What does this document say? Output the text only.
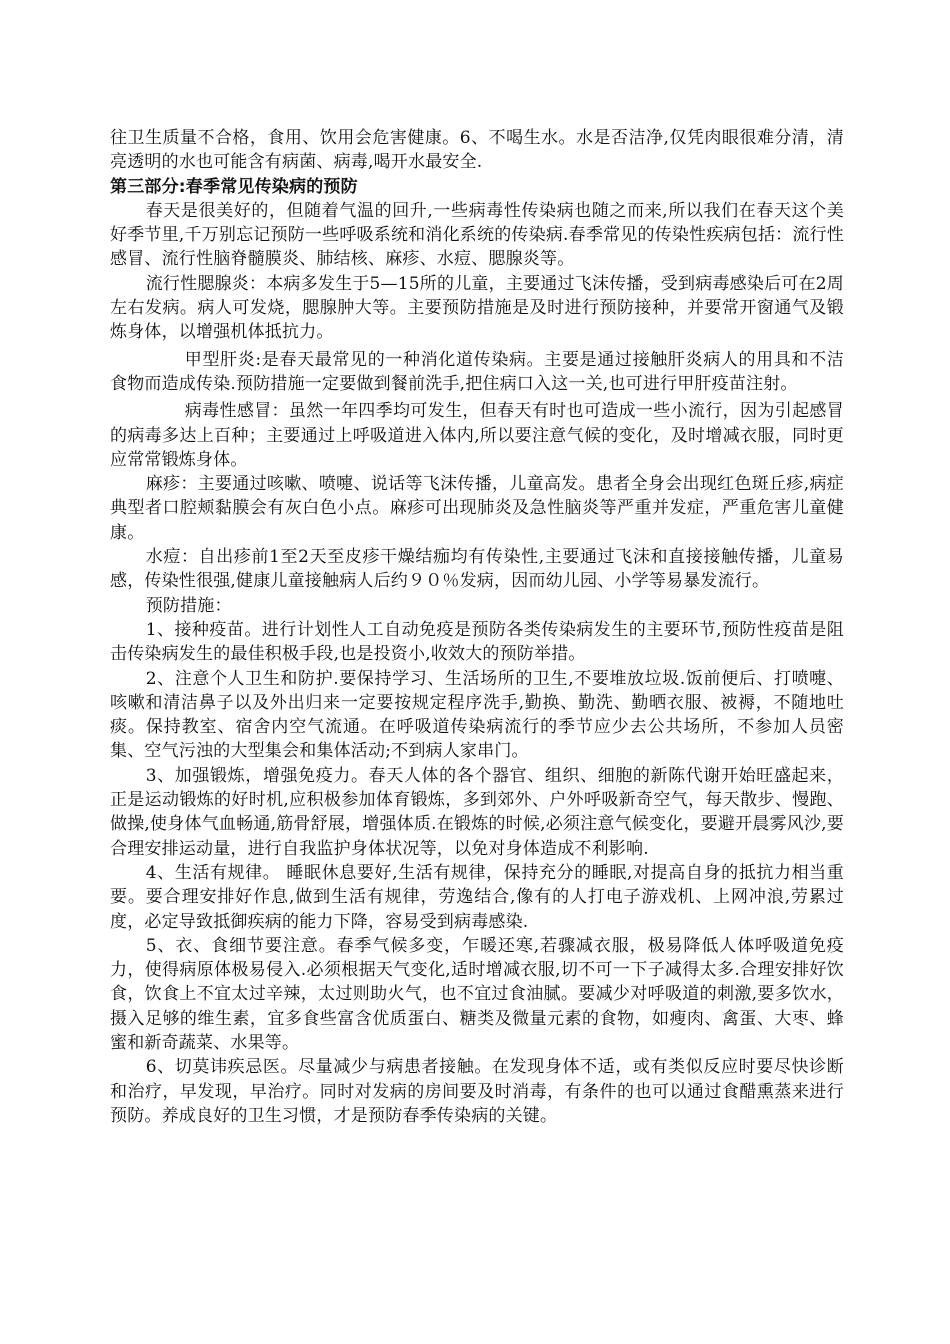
往卫生质量不合格，食用、饮用会危害健康。6、不喝生水。水是否洁净,仅凭肉眼很难分清，清亮透明的水也可能含有病菌、病毒,喝开水最安全.

第三部分:春季常见传染病的预防

春天是很美好的，但随着气温的回升,一些病毒性传染病也随之而来,所以我们在春天这个美好季节里,千万别忘记预防一些呼吸系统和消化系统的传染病.春季常见的传染性疾病包括：流行性感冒、流行性脑脊髓膜炎、肺结核、麻疹、水痘、腮腺炎等。

流行性腮腺炎：本病多发生于5—15所的儿童，主要通过飞沫传播，受到病毒感染后可在2周左右发病。病人可发烧，腮腺肿大等。主要预防措施是及时进行预防接种，并要常开窗通气及锻炼身体，以增强机体抵抗力。

甲型肝炎:是春天最常见的一种消化道传染病。主要是通过接触肝炎病人的用具和不洁食物而造成传染.预防措施一定要做到餐前洗手,把住病口入这一关,也可进行甲肝疫苗注射。

病毒性感冒：虽然一年四季均可发生，但春天有时也可造成一些小流行，因为引起感冒的病毒多达上百种；主要通过上呼吸道进入体内,所以要注意气候的变化，及时增减衣服，同时更应常常锻炼身体。

麻疹：主要通过咳嗽、喷嚏、说话等飞沫传播，儿童高发。患者全身会出现红色斑丘疹,病症典型者口腔颊黏膜会有灰白色小点。麻疹可出现肺炎及急性脑炎等严重并发症，严重危害儿童健康。

水痘：自出疹前1至2天至皮疹干燥结痂均有传染性,主要通过飞沫和直接接触传播，儿童易感，传染性很强,健康儿童接触病人后约９０％发病，因而幼儿园、小学等易暴发流行。

预防措施：

1、接种疫苗。进行计划性人工自动免疫是预防各类传染病发生的主要环节,预防性疫苗是阻击传染病发生的最佳积极手段,也是投资小,收效大的预防举措。

2、注意个人卫生和防护.要保持学习、生活场所的卫生,不要堆放垃圾.饭前便后、打喷嚏、咳嗽和清洁鼻子以及外出归来一定要按规定程序洗手,勤换、勤洗、勤晒衣服、被褥，不随地吐痰。保持教室、宿舍内空气流通。在呼吸道传染病流行的季节应少去公共场所，不参加人员密集、空气污浊的大型集会和集体活动;不到病人家串门。

3、加强锻炼，增强免疫力。春天人体的各个器官、组织、细胞的新陈代谢开始旺盛起来，正是运动锻炼的好时机,应积极参加体育锻炼，多到郊外、户外呼吸新奇空气，每天散步、慢跑、做操,使身体气血畅通,筋骨舒展，增强体质.在锻炼的时候,必须注意气候变化，要避开晨雾风沙,要合理安排运动量，进行自我监护身体状况等，以免对身体造成不利影响.

4、生活有规律。 睡眠休息要好,生活有规律，保持充分的睡眠,对提高自身的抵抗力相当重要。要合理安排好作息,做到生活有规律，劳逸结合,像有的人打电子游戏机、上网冲浪,劳累过度，必定导致抵御疾病的能力下降，容易受到病毒感染.

5、衣、食细节要注意。春季气候多变，乍暖还寒,若骤减衣服，极易降低人体呼吸道免疫力，使得病原体极易侵入.必须根据天气变化,适时增减衣服,切不可一下子减得太多.合理安排好饮食，饮食上不宜太过辛辣，太过则助火气，也不宜过食油腻。要减少对呼吸道的刺激,要多饮水，摄入足够的维生素，宜多食些富含优质蛋白、糖类及微量元素的食物，如瘦肉、禽蛋、大枣、蜂蜜和新奇蔬菜、水果等。

6、切莫讳疾忌医。尽量减少与病患者接触。在发现身体不适，或有类似反应时要尽快诊断和治疗，早发现，早治疗。同时对发病的房间要及时消毒，有条件的也可以通过食醋熏蒸来进行预防。养成良好的卫生习惯，才是预防春季传染病的关键。
